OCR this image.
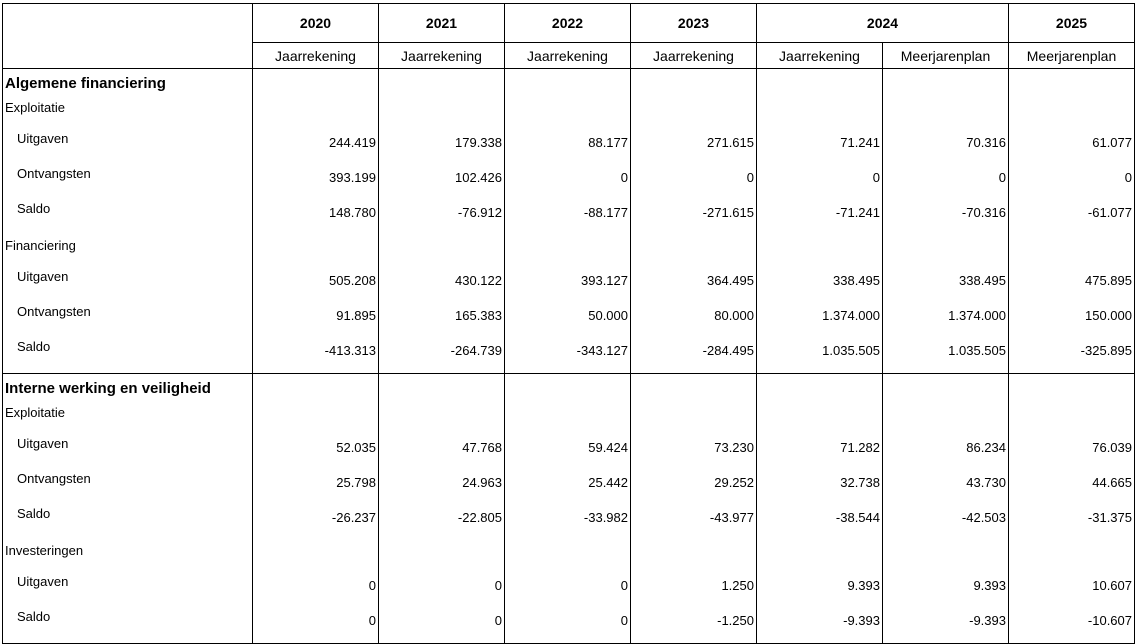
	2020	2021	2022	2023	2024		2025
	Jaarrekening	Jaarrekening	Jaarrekening	Jaarrekening	Jaarrekening	Meerjarenplan	Meerjarenplan
Algemene financiering							
Exploitatie							
Uitgaven	244.419	179.338	88.177	271.615	71.241	70.316	61.077
Ontvangsten	393.199	102.426	0	0	0	0	0
Saldo	148.780	-76.912	-88.177	-271.615	-71.241	-70.316	-61.077
Financiering							
Uitgaven	505.208	430.122	393.127	364.495	338.495	338.495	475.895
Ontvangsten	91.895	165.383	50.000	80.000	1.374.000	1.374.000	150.000
Saldo	-413.313	-264.739	-343.127	-284.495	1.035.505	1.035.505	-325.895
Interne werking en veiligheid							
Exploitatie							
Uitgaven	52.035	47.768	59.424	73.230	71.282	86.234	76.039
Ontvangsten	25.798	24.963	25.442	29.252	32.738	43.730	44.665
Saldo	-26.237	-22.805	-33.982	-43.977	-38.544	-42.503	-31.375
Investeringen							
Uitgaven	0	0	0	1.250	9.393	9.393	10.607
Saldo	0	0	0	-1.250	-9.393	-9.393	-10.607
